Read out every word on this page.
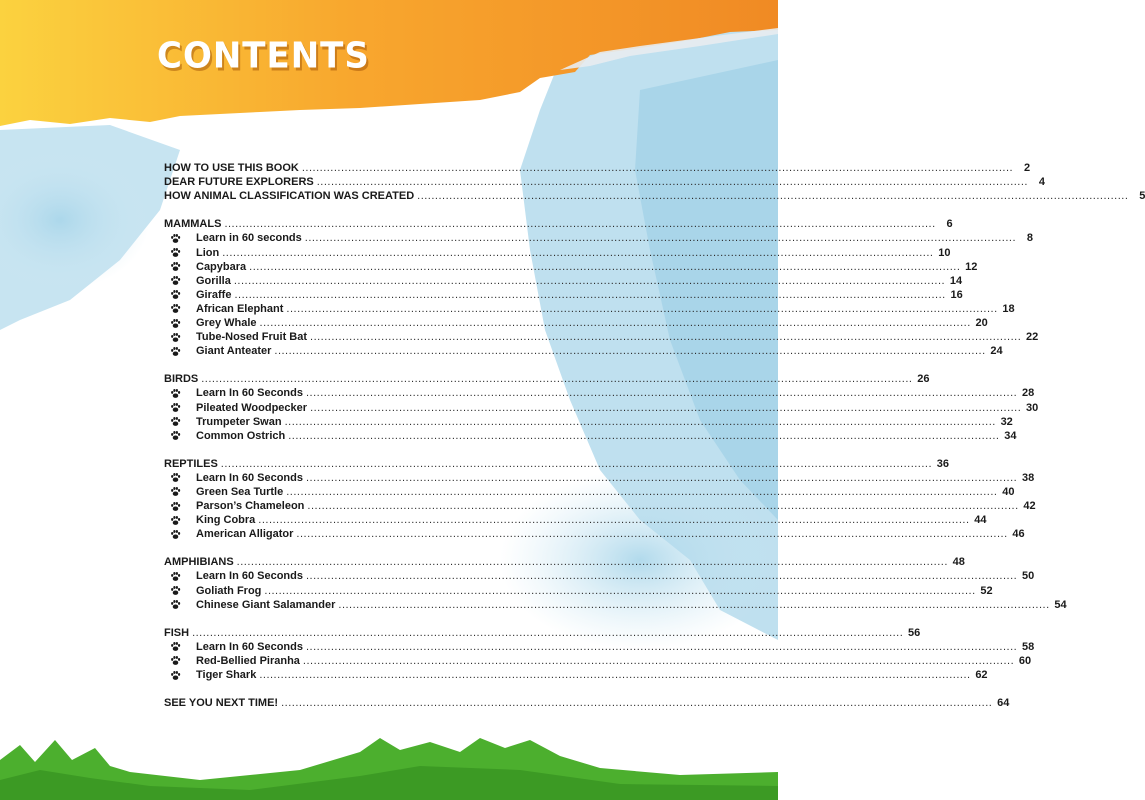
CONTENTS
HOW TO USE THIS BOOK ........................................................................................................................................................................................................ 2
DEAR FUTURE EXPLORERS ........................................................................................................................................................................................................ 4
HOW ANIMAL CLASSIFICATION WAS CREATED ........................................................................................................................................................................................................ 5
MAMMALS ........................................................................................................................................................................................................ 6
Learn in 60 seconds ........................................................................................................................................................................................................ 8
Lion ........................................................................................................................................................................................................ 10
Capybara ........................................................................................................................................................................................................ 12
Gorilla ........................................................................................................................................................................................................ 14
Giraffe ........................................................................................................................................................................................................ 16
African Elephant ........................................................................................................................................................................................................ 18
Grey Whale ........................................................................................................................................................................................................ 20
Tube-Nosed Fruit Bat ........................................................................................................................................................................................................ 22
Giant Anteater ........................................................................................................................................................................................................ 24
BIRDS ........................................................................................................................................................................................................ 26
Learn In 60 Seconds ........................................................................................................................................................................................................ 28
Pileated Woodpecker ........................................................................................................................................................................................................ 30
Trumpeter Swan ........................................................................................................................................................................................................ 32
Common Ostrich ........................................................................................................................................................................................................ 34
REPTILES ........................................................................................................................................................................................................ 36
Learn In 60 Seconds ........................................................................................................................................................................................................ 38
Green Sea Turtle ........................................................................................................................................................................................................ 40
Parson’s Chameleon ........................................................................................................................................................................................................ 42
King Cobra ........................................................................................................................................................................................................ 44
American Alligator ........................................................................................................................................................................................................ 46
AMPHIBIANS ........................................................................................................................................................................................................ 48
Learn In 60 Seconds ........................................................................................................................................................................................................ 50
Goliath Frog ........................................................................................................................................................................................................ 52
Chinese Giant Salamander ........................................................................................................................................................................................................ 54
FISH ........................................................................................................................................................................................................ 56
Learn In 60 Seconds ........................................................................................................................................................................................................ 58
Red-Bellied Piranha ........................................................................................................................................................................................................ 60
Tiger Shark ........................................................................................................................................................................................................ 62
SEE YOU NEXT TIME! ........................................................................................................................................................................................................ 64
